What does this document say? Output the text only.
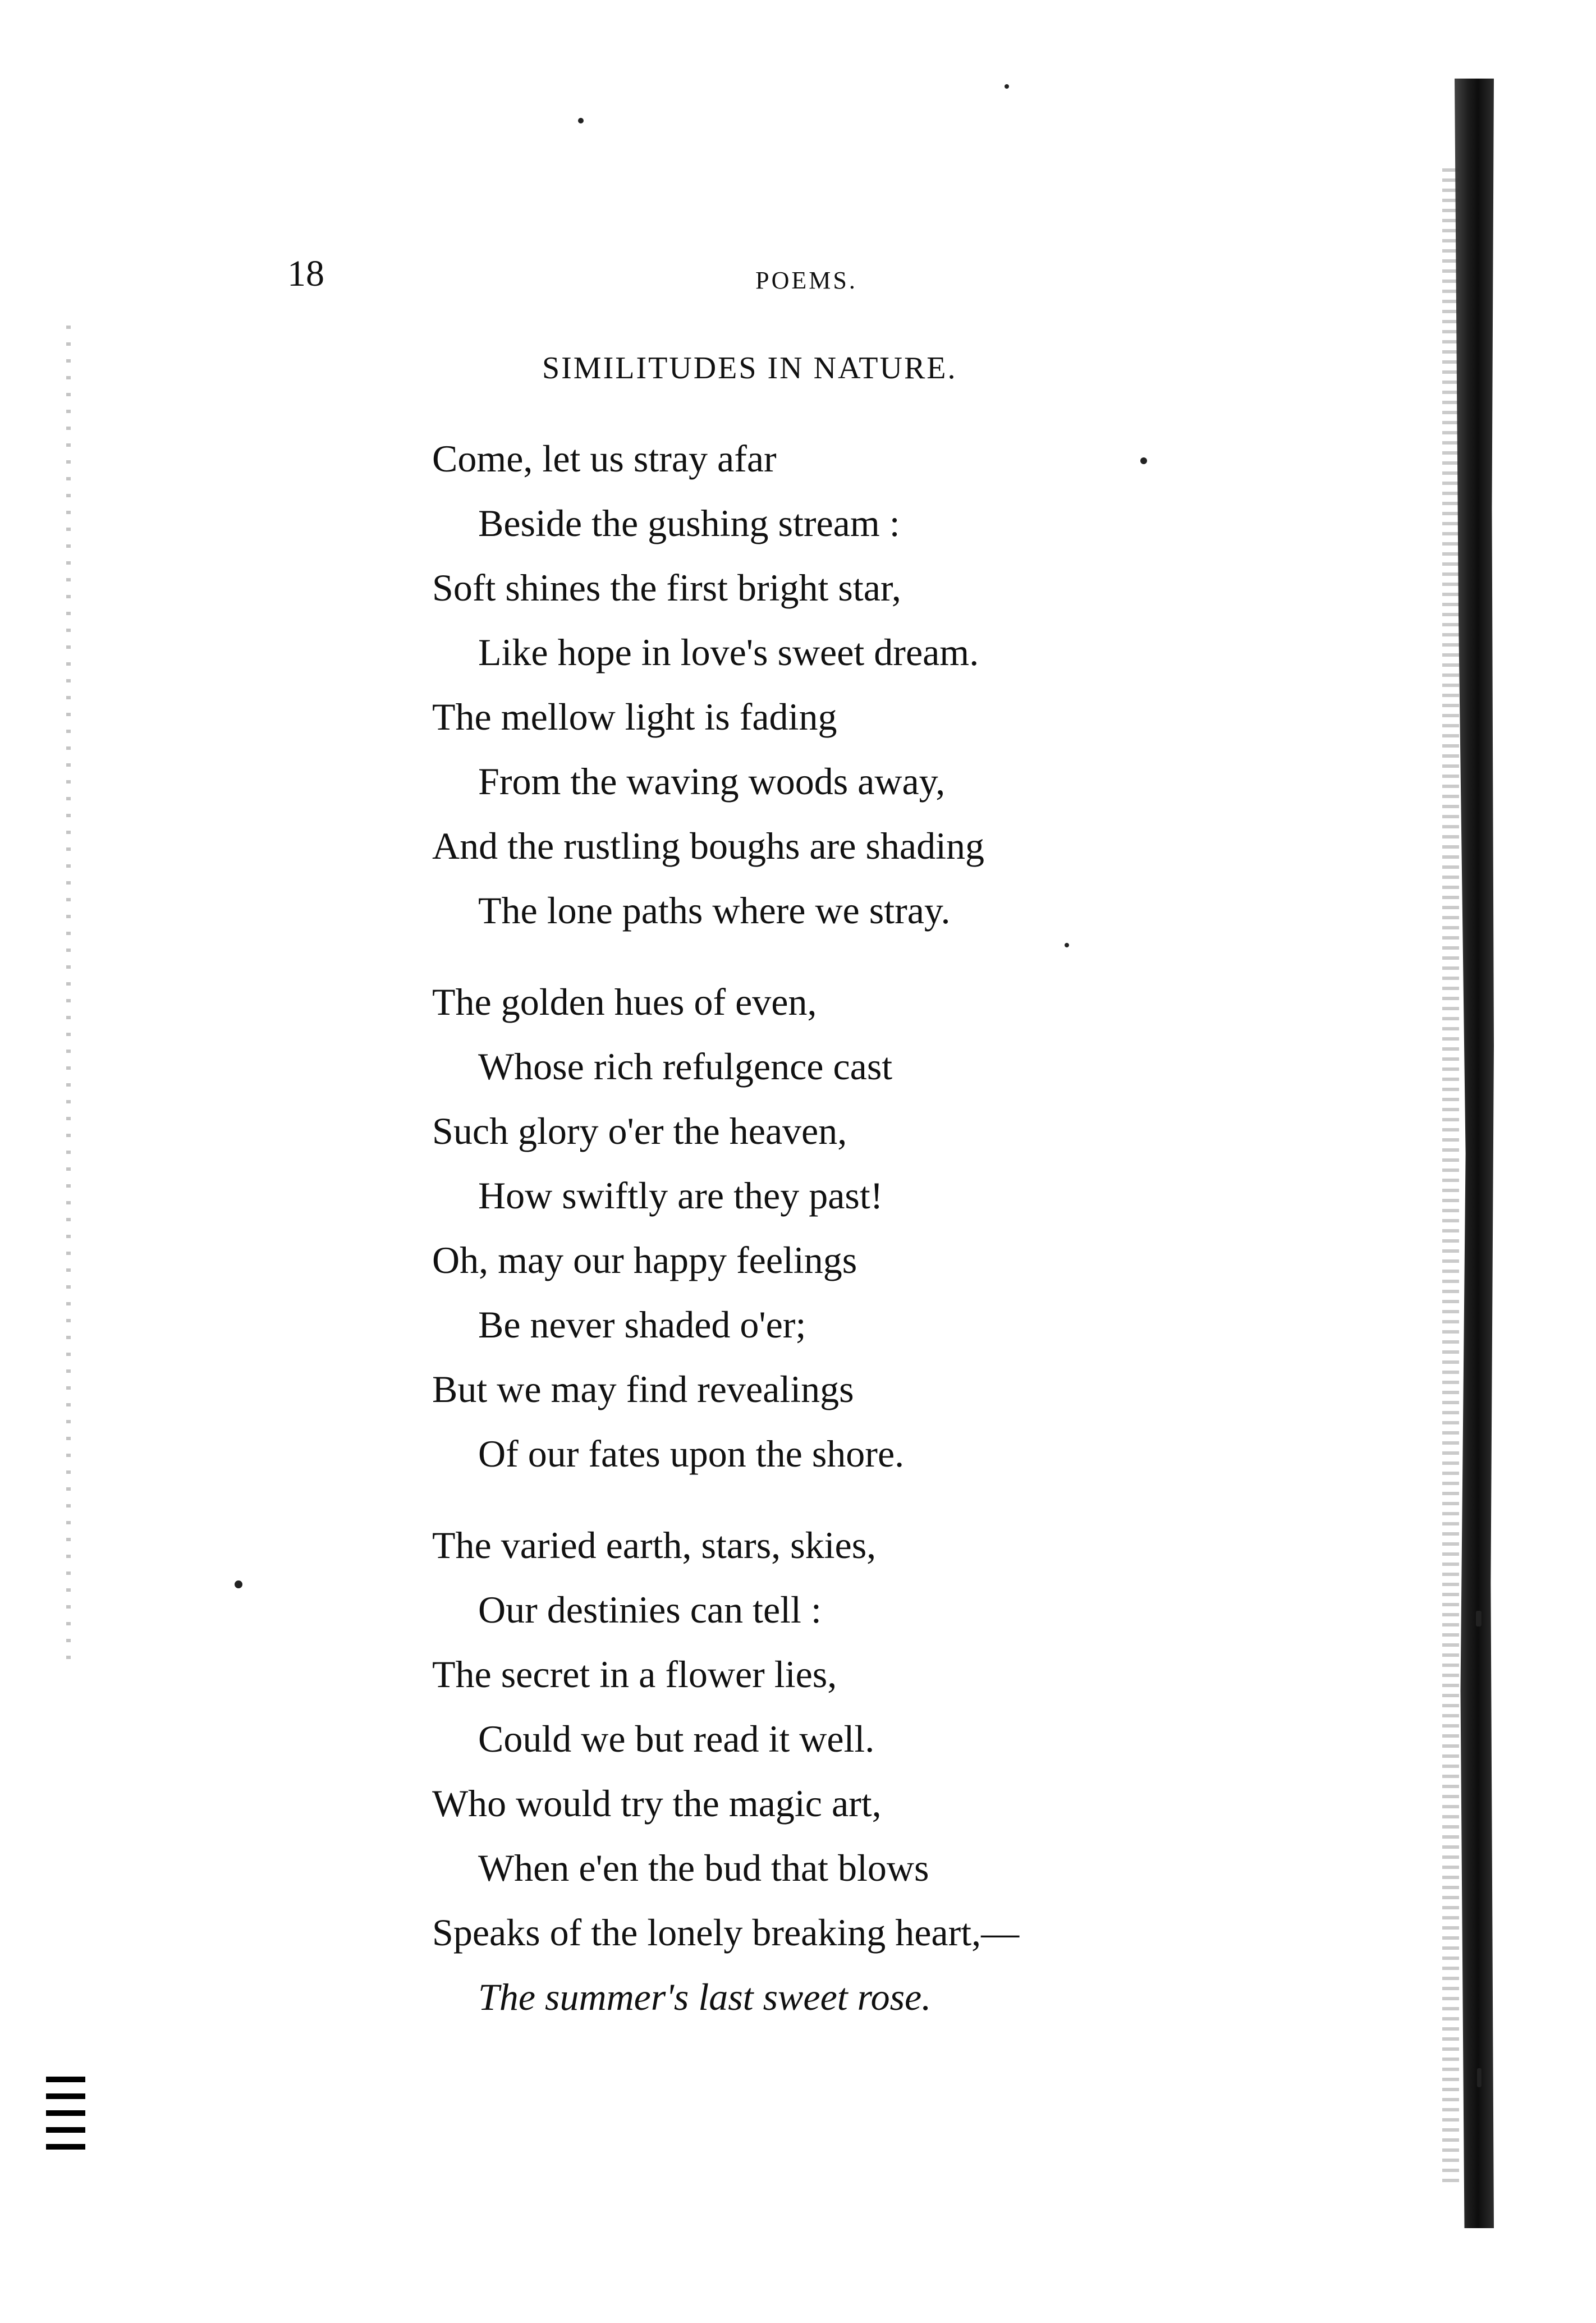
18	POEMS.
SIMILITUDES IN NATURE.
Come, let us stray afar
Beside the gushing stream :
Soft shines the first bright star,
Like hope in love's sweet dream.
The mellow light is fading
From the waving woods away,
And the rustling boughs are shading
The lone paths where we stray.
The golden hues of even,
Whose rich refulgence cast
Such glory o'er the heaven,
How swiftly are they past!
Oh, may our happy feelings
Be never shaded o'er;
But we may find revealings
Of our fates upon the shore.
The varied earth, stars, skies,
Our destinies can tell :
The secret in a flower lies,
Could we but read it well.
Who would try the magic art,
When e'en the bud that blows
Speaks of the lonely breaking heart,—
The summer's last sweet rose.
